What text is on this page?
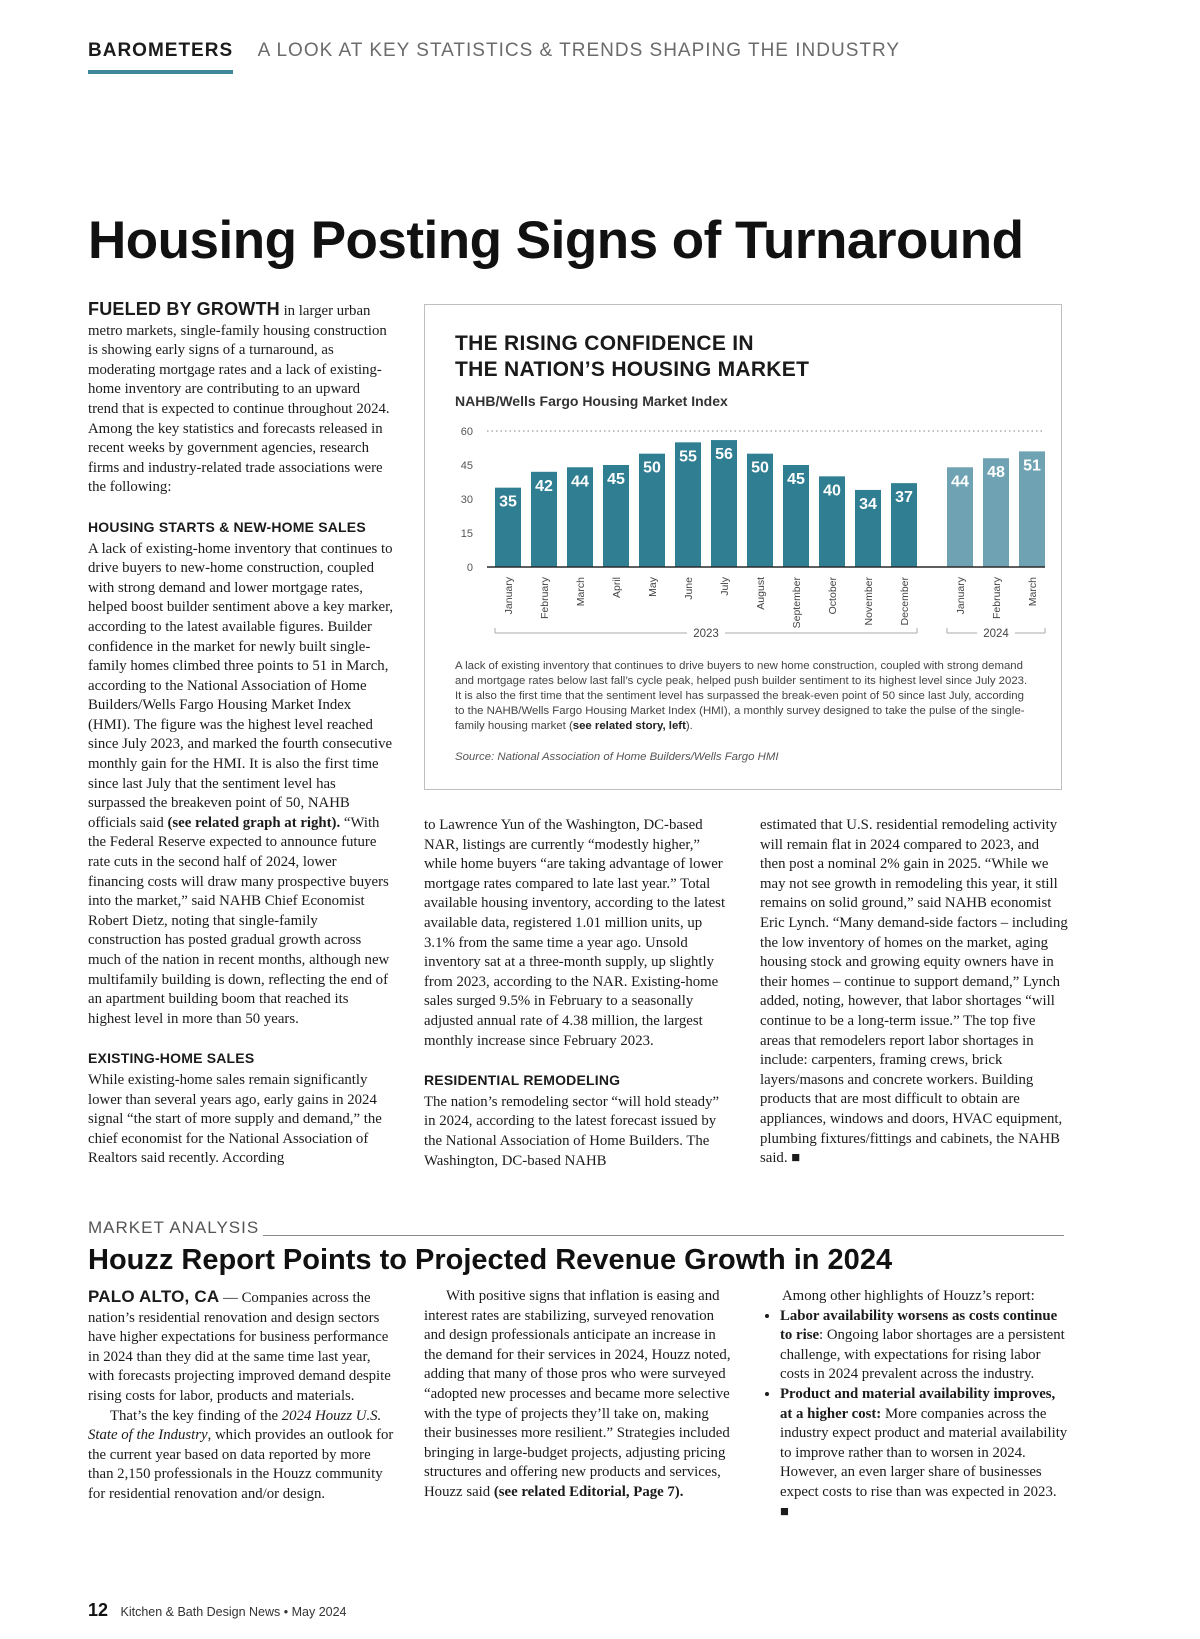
BAROMETERS A LOOK AT KEY STATISTICS & TRENDS SHAPING THE INDUSTRY
Housing Posting Signs of Turnaround

FUELED BY GROWTH in larger urban metro markets, single-family housing construction is showing early signs of a turnaround, as moderating mortgage rates and a lack of existing-home inventory are contributing to an upward trend that is expected to continue throughout 2024. Among the key statistics and forecasts released in recent weeks by government agencies, research firms and industry-related trade associations were the following:

HOUSING STARTS & NEW-HOME SALES

A lack of existing-home inventory that continues to drive buyers to new-home construction, coupled with strong demand and lower mortgage rates, helped boost builder sentiment above a key marker, according to the latest available figures. Builder confidence in the market for newly built single-family homes climbed three points to 51 in March, according to the National Association of Home Builders/Wells Fargo Housing Market Index (HMI). The figure was the highest level reached since July 2023, and marked the fourth consecutive monthly gain for the HMI. It is also the first time since last July that the sentiment level has surpassed the breakeven point of 50, NAHB officials said (see related graph at right). “With the Federal Reserve expected to announce future rate cuts in the second half of 2024, lower financing costs will draw many prospective buyers into the market,” said NAHB Chief Economist Robert Dietz, noting that single-family construction has posted gradual growth across much of the nation in recent months, although new multifamily building is down, reflecting the end of an apartment building boom that reached its highest level in more than 50 years.

EXISTING-HOME SALES

While existing-home sales remain significantly lower than several years ago, early gains in 2024 signal “the start of more supply and demand,” the chief economist for the National Association of Realtors said recently. According

THE RISING CONFIDENCE IN
THE NATION’S HOUSING MARKET
NAHB/Wells Fargo Housing Market Index
0
15
30
45
60
35
January
42
February
44
March
45
April
50
May
55
June
56
July
50
August
45
September
40
October
34
November
37
December
2023
44
January
48
February
51
March
2024

A lack of existing inventory that continues to drive buyers to new home construction, coupled with strong demand and mortgage rates below last fall’s cycle peak, helped push builder sentiment to its highest level since July 2023. It is also the first time that the sentiment level has surpassed the break-even point of 50 since last July, according to the NAHB/Wells Fargo Housing Market Index (HMI), a monthly survey designed to take the pulse of the single-family housing market (see related story, left).

Source: National Association of Home Builders/Wells Fargo HMI

to Lawrence Yun of the Washington, DC-based NAR, listings are currently “modestly higher,” while home buyers “are taking advantage of lower mortgage rates compared to late last year.” Total available housing inventory, according to the latest available data, registered 1.01 million units, up 3.1% from the same time a year ago. Unsold inventory sat at a three-month supply, up slightly from 2023, according to the NAR. Existing-home sales surged 9.5% in February to a seasonally adjusted annual rate of 4.38 million, the largest monthly increase since February 2023.

RESIDENTIAL REMODELING

The nation’s remodeling sector “will hold steady” in 2024, according to the latest forecast issued by the National Association of Home Builders. The Washington, DC-based NAHB

estimated that U.S. residential remodeling activity will remain flat in 2024 compared to 2023, and then post a nominal 2% gain in 2025. “While we may not see growth in remodeling this year, it still remains on solid ground,” said NAHB economist Eric Lynch. “Many demand-side factors – including the low inventory of homes on the market, aging housing stock and growing equity owners have in their homes – continue to support demand,” Lynch added, noting, however, that labor shortages “will continue to be a long-term issue.” The top five areas that remodelers report labor shortages in include: carpenters, framing crews, brick layers/masons and concrete workers. Building products that are most difficult to obtain are appliances, windows and doors, HVAC equipment, plumbing fixtures/fittings and cabinets, the NAHB said. ■

MARKET ANALYSIS
Houzz Report Points to Projected Revenue Growth in 2024

PALO ALTO, CA — Companies across the nation’s residential renovation and design sectors have higher expectations for business performance in 2024 than they did at the same time last year, with forecasts projecting improved demand despite rising costs for labor, products and materials.

That’s the key finding of the 2024 Houzz U.S. State of the Industry, which provides an outlook for the current year based on data reported by more than 2,150 professionals in the Houzz community for residential renovation and/or design.

With positive signs that inflation is easing and interest rates are stabilizing, surveyed renovation and design professionals anticipate an increase in the demand for their services in 2024, Houzz noted, adding that many of those pros who were surveyed “adopted new processes and became more selective with the type of projects they’ll take on, making their businesses more resilient.” Strategies included bringing in large-budget projects, adjusting pricing structures and offering new products and services, Houzz said (see related Editorial, Page 7).

Among other highlights of Houzz’s report:

• Labor availability worsens as costs continue to rise: Ongoing labor shortages are a persistent challenge, with expectations for rising labor costs in 2024 prevalent across the industry.
• Product and material availability improves, at a higher cost: More companies across the industry expect product and material availability to improve rather than to worsen in 2024. However, an even larger share of businesses expect costs to rise than was expected in 2023. ■
12 Kitchen & Bath Design News • May 2024
